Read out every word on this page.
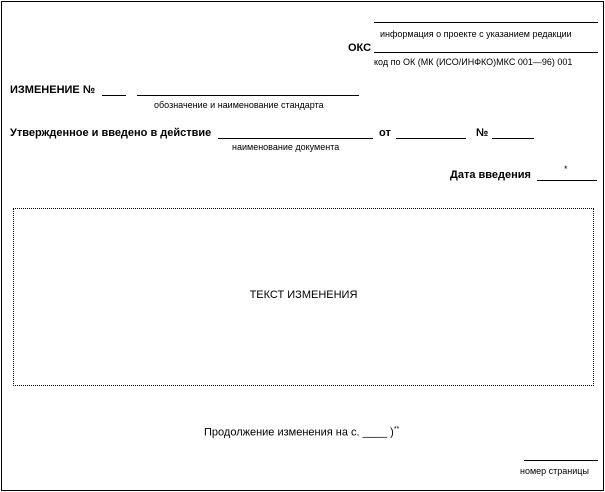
информация о проекте с указанием редакции
ОКС
код по ОК (МК (ИСО/ИНФКО)МКС 001—96) 001
ИЗМЕНЕНИЕ №
обозначение и наименование стандарта
Утвержденное и введено в действие
наименование документа
от	№
Дата введения	*
ТЕКСТ ИЗМЕНЕНИЯ
Продолжение изменения на с. ____ )**
номер страницы
